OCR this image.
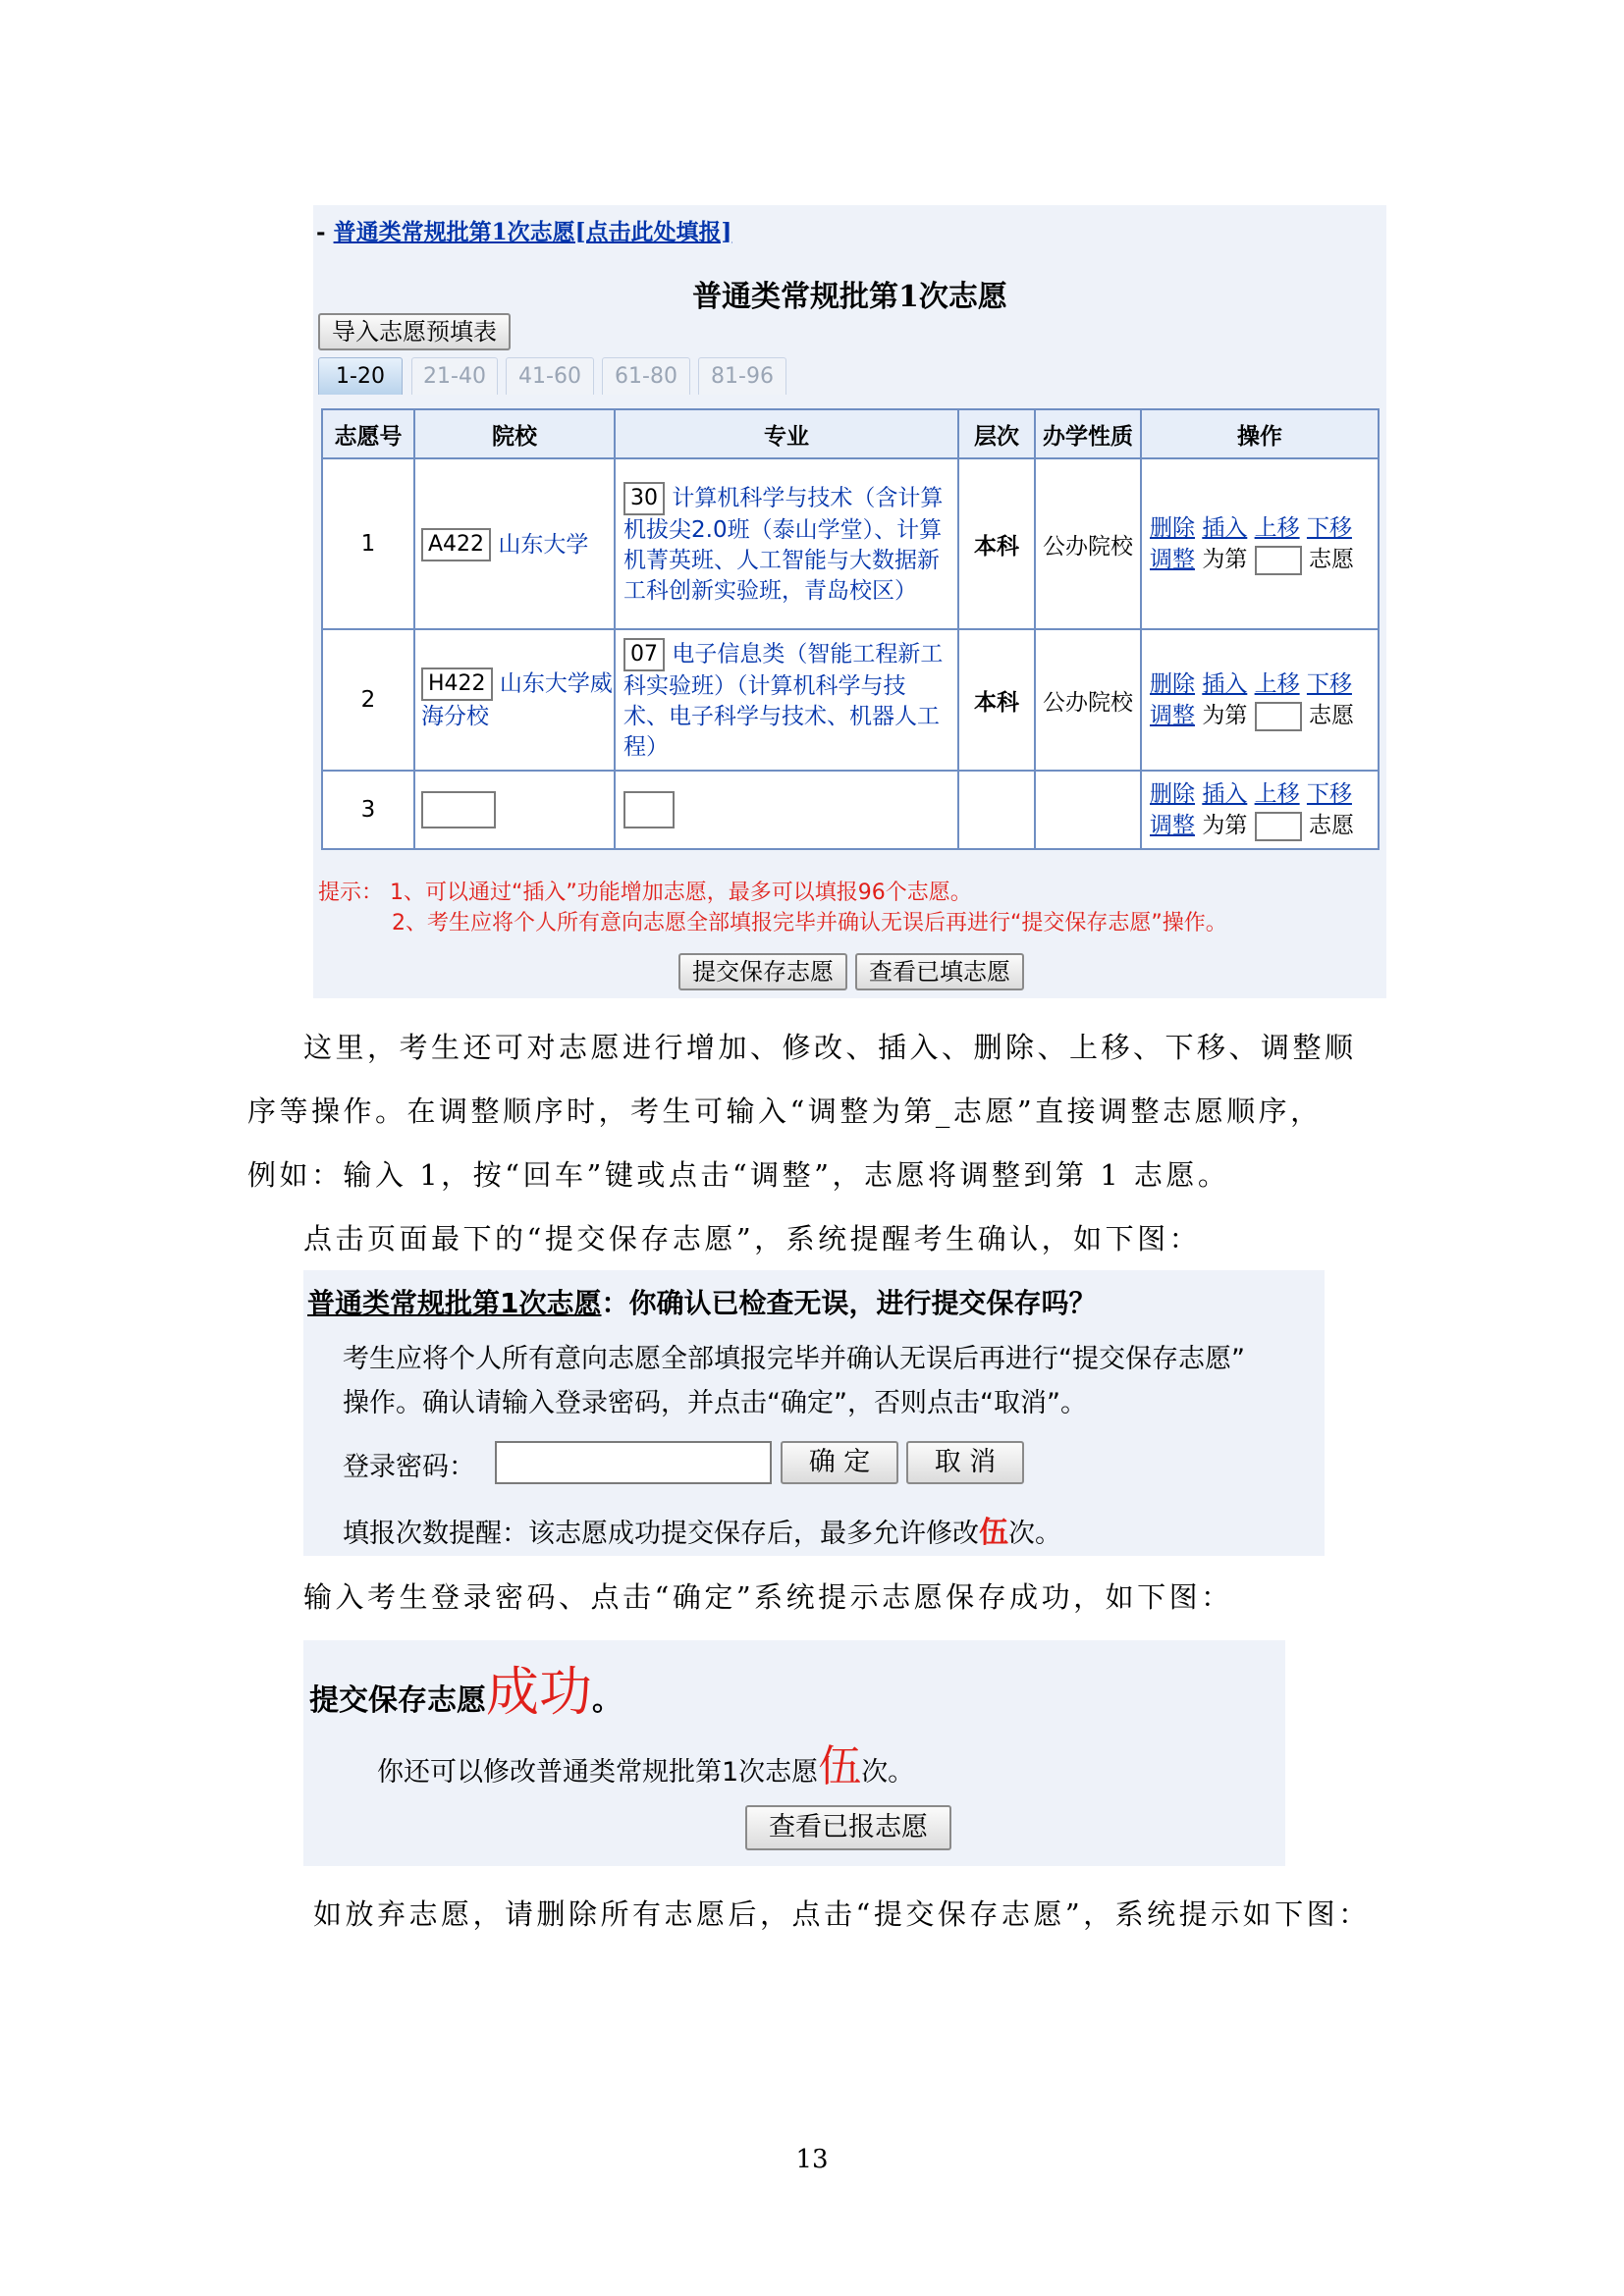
- 普通类常规批第1次志愿[点击此处填报]
普通类常规批第1次志愿
导入志愿预填表
1-20	21-40	41-60	61-80	81-96
志愿号	院校	专业	层次	办学性质	操作
1	A422 山东大学	30 计算机科学与技术（含计算机拔尖2.0班（泰山学堂）、计算机菁英班、人工智能与大数据新工科创新实验班，青岛校区）	本科	公办院校	删除 插入 上移 下移
调整 为第 志愿
2	H422 山东大学威海分校	07 电子信息类（智能工程新工科实验班）（计算机科学与技术、电子科学与技术、机器人工程）	本科	公办院校	删除 插入 上移 下移
调整 为第 志愿
3					删除 插入 上移 下移
调整 为第 志愿
提示： 1、可以通过“插入”功能增加志愿，最多可以填报96个志愿。
2、考生应将个人所有意向志愿全部填报完毕并确认无误后再进行“提交保存志愿”操作。
提交保存志愿	查看已填志愿
这里，考生还可对志愿进行增加、修改、插入、删除、上移、下移、调整顺
序等操作。在调整顺序时，考生可输入“调整为第_志愿”直接调整志愿顺序，
例如：输入 1，按“回车”键或点击“调整”，志愿将调整到第 1 志愿。
点击页面最下的“提交保存志愿”，系统提醒考生确认，如下图：
普通类常规批第1次志愿：你确认已检查无误，进行提交保存吗？
考生应将个人所有意向志愿全部填报完毕并确认无误后再进行“提交保存志愿”
操作。确认请输入登录密码，并点击“确定”，否则点击“取消”。
登录密码：	确 定	取 消
填报次数提醒：该志愿成功提交保存后，最多允许修改伍次。
输入考生登录密码、点击“确定”系统提示志愿保存成功，如下图：
提交保存志愿成功。
你还可以修改普通类常规批第1次志愿伍次。
查看已报志愿
如放弃志愿，请删除所有志愿后，点击“提交保存志愿”，系统提示如下图：
13
